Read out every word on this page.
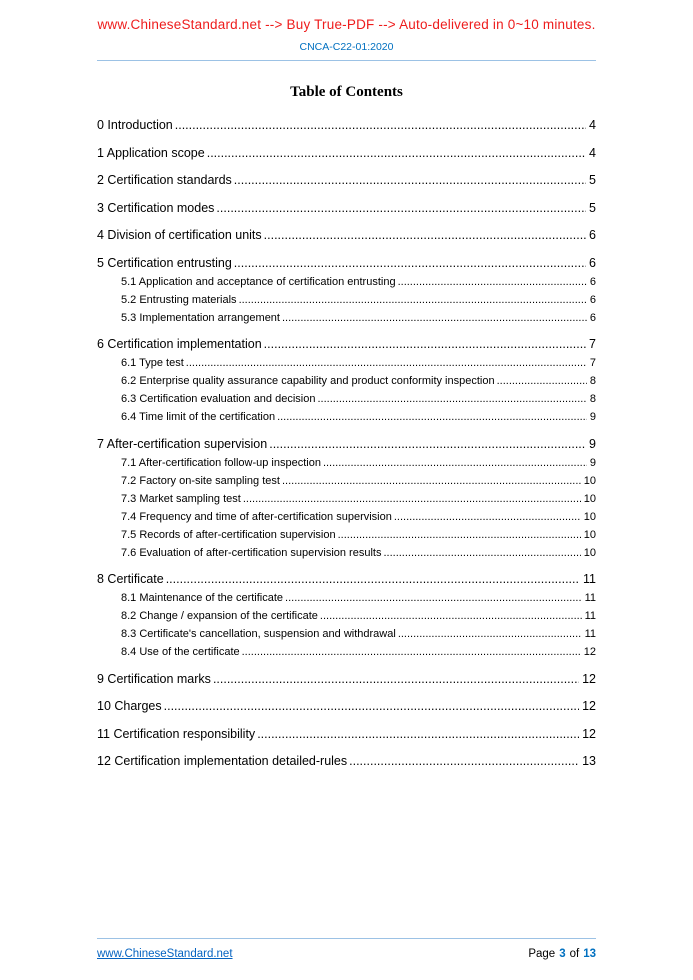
www.ChineseStandard.net --> Buy True-PDF --> Auto-delivered in 0~10 minutes.
CNCA-C22-01:2020
Table of Contents
0 Introduction .....	4
1 Application scope .....	4
2 Certification standards .....	5
3 Certification modes .....	5
4 Division of certification units .....	6
5 Certification entrusting .....	6
5.1 Application and acceptance of certification entrusting .....	6
5.2 Entrusting materials .....	6
5.3 Implementation arrangement .....	6
6 Certification implementation .....	7
6.1 Type test .....	7
6.2 Enterprise quality assurance capability and product conformity inspection .....	8
6.3 Certification evaluation and decision .....	8
6.4 Time limit of the certification .....	9
7 After-certification supervision .....	9
7.1 After-certification follow-up inspection .....	9
7.2 Factory on-site sampling test .....	10
7.3 Market sampling test .....	10
7.4 Frequency and time of after-certification supervision .....	10
7.5 Records of after-certification supervision .....	10
7.6 Evaluation of after-certification supervision results .....	10
8 Certificate .....	11
8.1 Maintenance of the certificate .....	11
8.2 Change / expansion of the certificate .....	11
8.3 Certificate's cancellation, suspension and withdrawal .....	11
8.4 Use of the certificate .....	12
9 Certification marks .....	12
10 Charges .....	12
11 Certification responsibility .....	12
12 Certification implementation detailed-rules .....	13
www.ChineseStandard.net	Page 3 of 13
